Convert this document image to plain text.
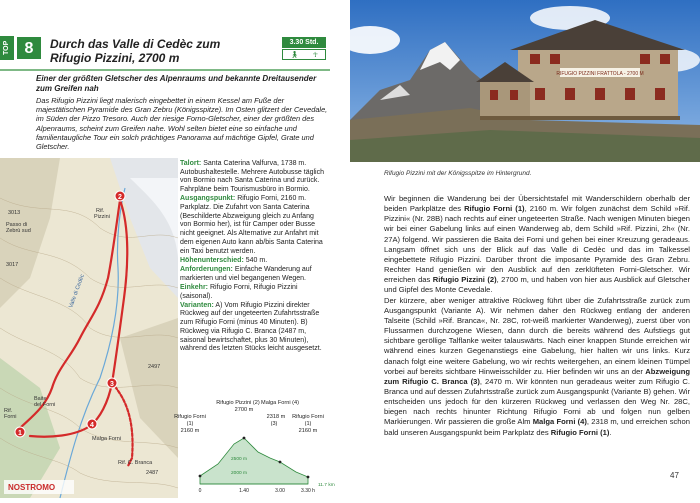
TOP 8	Durch das Valle di Cedèc zum
Rifugio Pizzini, 2700 m
3.30 Std.
🚶︎ ☥
Einer der größten Gletscher des Alpenraums und bekannte Dreitausender zum Greifen nah
Das Rifugio Pizzini liegt malerisch eingebettet in einem Kessel am Fuße der majestätischen Pyramide des Gran Zebru (Königsspitze). Im Osten glitzert der Cevedale, im Süden der Pizzo Tresoro. Auch der riesige Forno-Gletscher, einer der größten des Alpenraums, scheint zum Greifen nahe. Wohl selten bietet eine so einfache und familientaugliche Tour ein solch prächtiges Panorama auf mächtige Gipfel, Grate und Gletscher.
2
1
3
4
Rif.
Pizzini
3013
Passo di
Zebrù sud
3017
Valle di Cedèc
Rif.
Forni
Baite
del Forni
Malga Forni
Rif. C. Branca
2487
2497
NOSTROMO

Talort: Santa Caterina Valfurva, 1738 m. Autobushaltestelle. Mehrere Autobusse täglich von Bormio nach Santa Caterina und zurück. Fahrpläne beim Tourismusbüro in Bormio.

Ausgangspunkt: Rifugio Forni, 2160 m. Parkplatz. Die Zufahrt von Santa Caterina (Beschilderte Abzweigung gleich zu Anfang von Bormio her), ist für Camper oder Busse nicht geeignet. Als Alternative zur Anfahrt mit dem eigenen Auto kann ab/bis Santa Caterina ein Taxi benutzt werden.

Höhenunterschied: 540 m.

Anforderungen: Einfache Wanderung auf markierten und viel begangenen Wegen.

Einkehr: Rifugio Forni, Rifugio Pizzini (saisonal).

Varianten: A) Vom Rifugio Pizzini direkter Rückweg auf der ungeteerten Zufahrtsstraße zum Rifugio Forni (minus 40 Minuten). B) Rückweg via Rifugio C. Branca (2487 m, saisonal bewirtschaftet, plus 30 Minuten), während des letzten Stücks leicht ausgesetzt.

Rifugio Forni
(1)
2160 m
Rifugio Pizzini (2)
2700 m
Malga Forni (4)
2318 m
(3)
Rifugio Forni
(1)
2160 m
2500 m
2000 m
0	1.40	3.00	3.30 h
11.7 km
RIFUGIO PIZZINI FRATTOLA - 2700 M
Rifugio Pizzini mit der Königsspitze im Hintergrund.
Wir beginnen die Wanderung bei der Übersichtstafel mit Wanderschildern oberhalb der beiden Parkplätze des Rifugio Forni (1), 2160 m. Wir folgen zunächst dem Schild »Rif. Pizzini« (Nr. 28B) nach rechts auf einer ungeteerten Straße. Nach wenigen Minuten biegen wir bei einer Gabelung links auf einen Wanderweg ab, dem Schild »Rif. Pizzini, 2h« (Nr. 27A) folgend. Wir passieren die Baita dei Forni und gehen bei einer Kreuzung geradeaus. Langsam öffnet sich uns der Blick auf das Valle di Cedèc und das im Talkessel eingebettete Rifugio Pizzini. Darüber thront die imposante Pyramide des Gran Zebru. Rechter Hand genießen wir den Ausblick auf den zerklüfteten Forni-Gletscher. Wir erreichen das Rifugio Pizzini (2), 2700 m, und haben von hier aus Ausblick auf Gletscher und Gipfel des Monte Cevedale.
Der kürzere, aber weniger attraktive Rückweg führt über die Zufahrtsstraße zurück zum Ausgangspunkt (Variante A). Wir nehmen daher den Rückweg entlang der anderen Talseite (Schild »Rif. Branca«, Nr. 28C, rot-weiß markierter Wanderweg), zuerst über von Flussarmen durchzogene Wiesen, dann durch die bereits während des Aufstiegs gut sichtbare geröllige Talflanke weiter talauswärts. Nach einer knappen Stunde erreichen wir während eines kurzen Gegenanstiegs eine Gabelung, hier halten wir uns links. Kurz danach folgt eine weitere Gabelung, wo wir rechts weitergehen, an einem kleinen Tümpel vorbei auf bereits sichtbare Hinweisschilder zu. Hier befinden wir uns an der Abzweigung zum Rifugio C. Branca (3), 2470 m. Wir könnten nun geradeaus weiter zum Rifugio C. Branca und auf dessen Zufahrtsstraße zurück zum Ausgangspunkt (Variante B) gehen. Wir entscheiden uns jedoch für den kürzeren Rückweg und verlassen den Weg Nr. 28C, biegen nach rechts hinunter Richtung Rifugio Forni ab und folgen nun gelben Markierungen. Wir passieren die große Alm Malga Forni (4), 2318 m, und erreichen schon bald unseren Ausgangspunkt beim Parkplatz des Rifugio Forni (1).
47
